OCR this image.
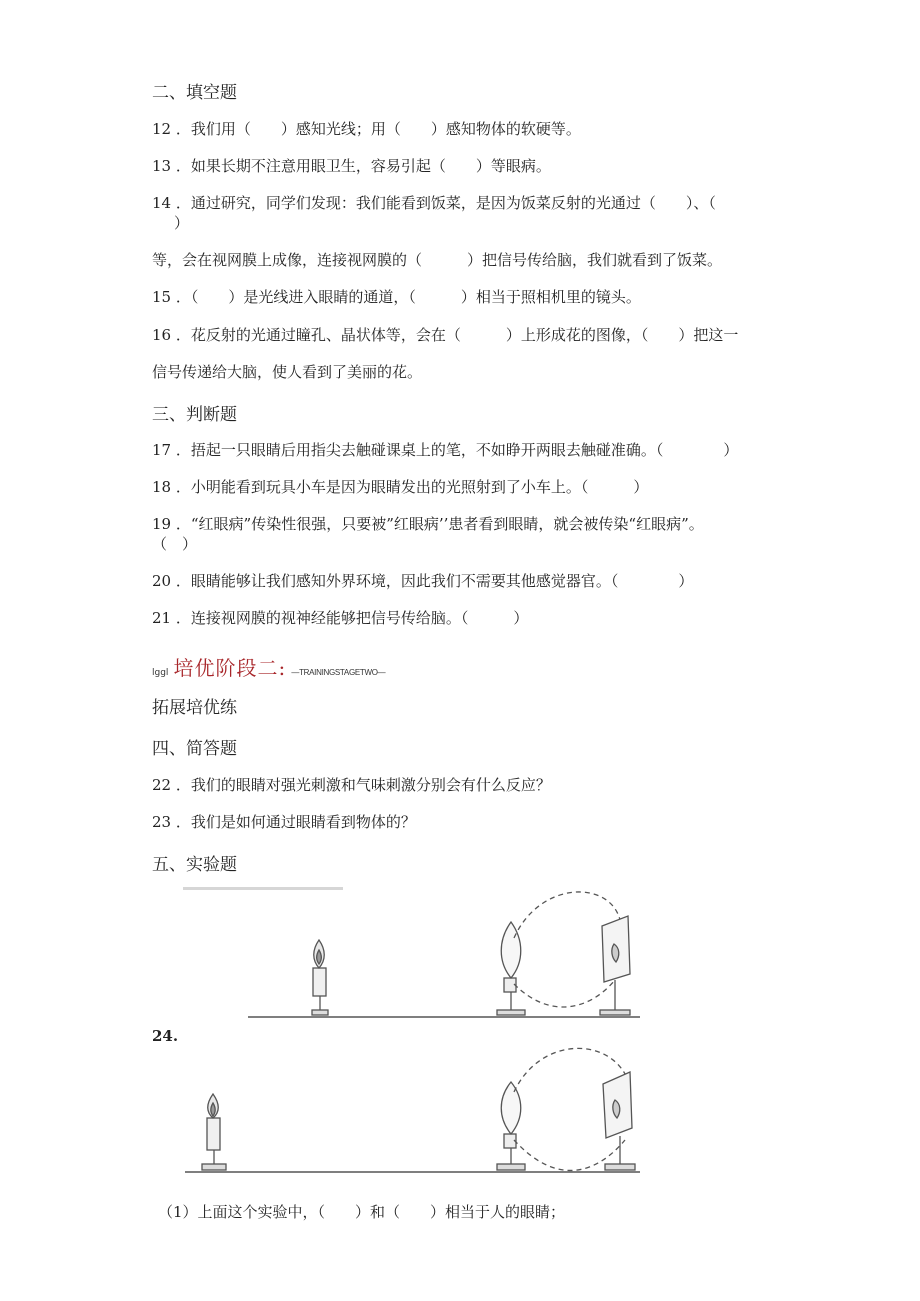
二、填空题
12 ．我们用（　　）感知光线；用（　　）感知物体的软硬等。
13 ．如果长期不注意用眼卫生，容易引起（　　）等眼病。
14 ．通过研究，同学们发现：我们能看到饭菜，是因为饭菜反射的光通过（　　）、（
）
等，会在视网膜上成像，连接视网膜的（　　　）把信号传给脑，我们就看到了饭菜。
15 ．（　　）是光线进入眼睛的通道，（　　　）相当于照相机里的镜头。
16 ．花反射的光通过瞳孔、晶状体等，会在（　　　）上形成花的图像，（　　）把这一
信号传递给大脑，使人看到了美丽的花。
三、判断题
17 ．捂起一只眼睛后用指尖去触碰课桌上的笔，不如睁开两眼去触碰准确。（　　　　）
18 ．小明能看到玩具小车是因为眼睛发出的光照射到了小车上。（　　　）
19 ．“红眼病”传染性很强，只要被”红眼病’’患者看到眼睛，就会被传染“红眼病”。
（　）
20 ．眼睛能够让我们感知外界环境，因此我们不需要其他感觉器官。（　　　　）
21 ．连接视网膜的视神经能够把信号传给脑。（　　　）
lggl 培优阶段二: —TRAININGSTAGETWO—
拓展培优练
四、简答题
22 ．我们的眼睛对强光刺激和气味刺激分别会有什么反应？
23 ．我们是如何通过眼睛看到物体的？
五、实验题
24.
（1）上面这个实验中，（　　）和（　　）相当于人的眼睛；
